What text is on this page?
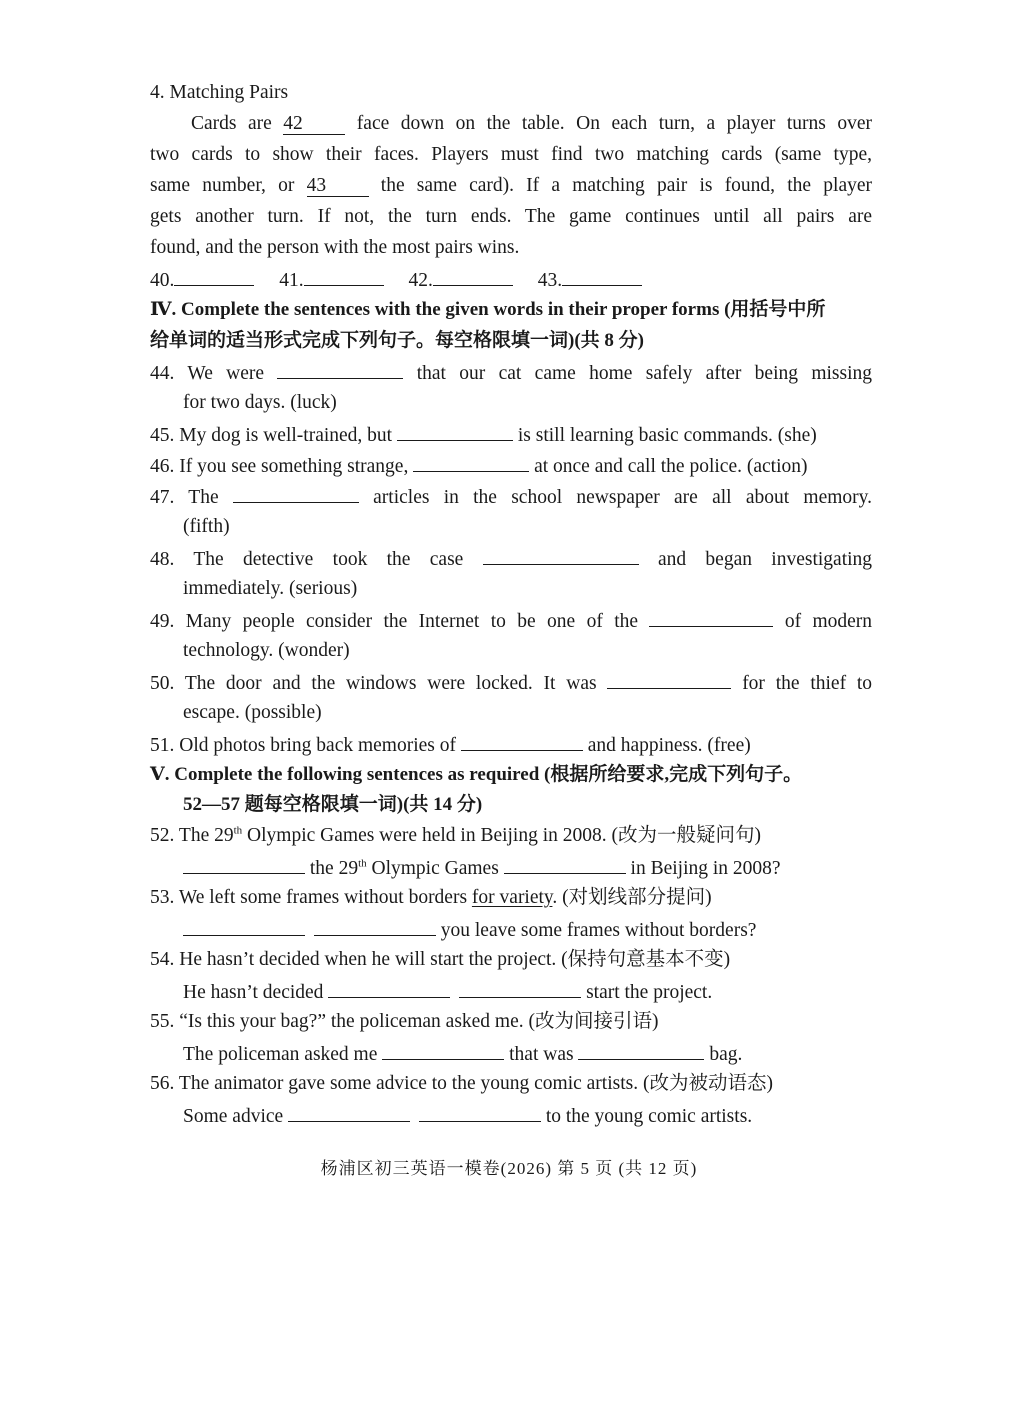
4. Matching Pairs
Cards are 42	face down on the table. On each turn, a player turns over
two cards to show their faces. Players must find two matching cards (same type,
same number, or 43	the same card). If a matching pair is found, the player
gets another turn. If not, the turn ends. The game continues until all pairs are
found, and the person with the most pairs wins.
40.	41.	42.	43.
Ⅳ. Complete the sentences with the given words in their proper forms (用括号中所
给单词的适当形式完成下列句子。每空格限填一词)(共 8 分)
44. We were	that our cat came home safely after being missing
for two days. (luck)
45. My dog is well-trained, but	is still learning basic commands. (she)
46. If you see something strange,	at once and call the police. (action)
47. The	articles in the school newspaper are all about memory.
(fifth)
48. The detective took the case	and began investigating
immediately. (serious)
49. Many people consider the Internet to be one of the	of modern
technology. (wonder)
50. The door and the windows were locked. It was	for the thief to
escape. (possible)
51. Old photos bring back memories of	and happiness. (free)
Ⅴ. Complete the following sentences as required (根据所给要求,完成下列句子。
52—57 题每空格限填一词)(共 14 分)
52. The 29th Olympic Games were held in Beijing in 2008. (改为一般疑问句)
the 29th Olympic Games	in Beijing in 2008?
53. We left some frames without borders for variety. (对划线部分提问)
you leave some frames without borders?
54. He hasn’t decided when he will start the project. (保持句意基本不变)
He hasn’t decided	start the project.
55. “Is this your bag?” the policeman asked me. (改为间接引语)
The policeman asked me	that was	bag.
56. The animator gave some advice to the young comic artists. (改为被动语态)
Some advice	to the young comic artists.
杨浦区初三英语一模卷(2026) 第 5 页 (共 12 页)
